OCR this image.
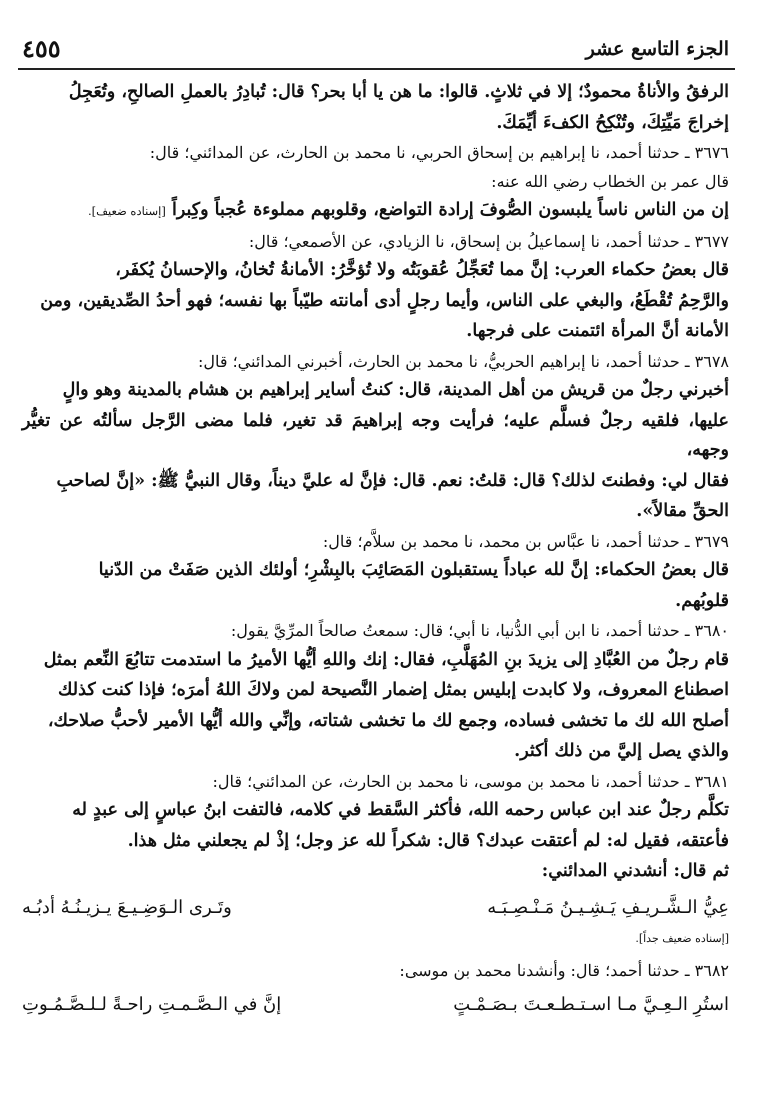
الجزء التاسع عشر
٤٥٥
الرفقُ والأناةُ محمودٌ؛ إلا في ثلاثٍ. قالوا: ما هن يا أبا بحر؟ قال: تُبادِرُ بالعملِ الصالحِ، وتُعَجِلُ
إخراجَ مَيِّتِكَ، وتُنْكِحُ الكفءَ أيِّمَكَ.
٣٦٧٦ ـ حدثنا أحمد، نا إبراهيم بن إسحاق الحربي، نا محمد بن الحارث، عن المدائني؛ قال:
قال عمر بن الخطاب رضي الله عنه:
إن من الناس ناساً يلبسون الصُّوفَ إرادة التواضع، وقلوبهم مملوءة عُجباً وكِبراً [إسناده ضعيف].
٣٦٧٧ ـ حدثنا أحمد، نا إسماعيلُ بن إسحاق، نا الزيادي، عن الأصمعي؛ قال:
قال بعضُ حكماء العرب: إنَّ مما تُعَجِّلُ عُقوبَتُه ولا تُؤخَّرُ: الأمانةُ تُخانُ، والإحسانُ يُكفَر،
والرَّحِمُ تُقْطَعُ، والبغي على الناس، وأيما رجلٍ أدى أمانته طيّباً بها نفسه؛ فهو أحدُ الصِّديقين، ومن
الأمانة أنَّ المرأة ائتمنت على فرجها.
٣٦٧٨ ـ حدثنا أحمد، نا إبراهيم الحربيُّ، نا محمد بن الحارث، أخبرني المدائني؛ قال:
أخبرني رجلٌ من قريش من أهل المدينة، قال: كنتُ أساير إبراهيم بن هشام بالمدينة وهو والٍ
عليها، فلقيه رجلٌ فسلَّم عليه؛ فرأيت وجه إبراهيمَ قد تغير، فلما مضى الرَّجل سألتُه عن تغيُّر وجهه،
فقال لي: وفطنتَ لذلك؟ قال: قلتُ: نعم. قال: فإنَّ له عليَّ ديناً، وقال النبيُّ ﷺ: «إنَّ لصاحبِ
الحقِّ مقالاً».
٣٦٧٩ ـ حدثنا أحمد، نا عبَّاس بن محمد، نا محمد بن سلاَّم؛ قال:
قال بعضُ الحكماء: إنَّ لله عباداً يستقبلون المَصَائِبَ بالبِشْرِ؛ أولئك الذين صَفَتْ من الدّنيا
قلوبُهم.
٣٦٨٠ ـ حدثنا أحمد، نا ابن أبي الدُّنيا، نا أبي؛ قال: سمعتُ صالحاً المرِّيَّ يقول:
قام رجلٌ من العُبَّادِ إلى يزيدَ بنِ المُهَلَّبِ، فقال: إنك واللهِ أيُّها الأميرُ ما استدمت تتابُعَ النِّعم بمثل
اصطناع المعروف، ولا كابدت إبليس بمثل إضمار النَّصيحة لمن ولاكَ اللهُ أمرَه؛ فإذا كنت كذلك
أصلح الله لك ما تخشى فساده، وجمع لك ما تخشى شتاته، وإنِّي والله أيُّها الأمير لأحبُّ صلاحك،
والذي يصل إليَّ من ذلك أكثر.
٣٦٨١ ـ حدثنا أحمد، نا محمد بن موسى، نا محمد بن الحارث، عن المدائني؛ قال:
تكلَّم رجلٌ عند ابن عباس رحمه الله، فأكثر السَّقط في كلامه، فالتفت ابنُ عباسٍ إلى عبدٍ له
فأعتقه، فقيل له: لم أعتقت عبدك؟ قال: شكراً لله عز وجل؛ إذْ لم يجعلني مثل هذا.
ثم قال: أنشدني المدائني:
عِيُّ الـشَّـريـفِ يَـشِـيـنُ مَـنْـصِـبَـه
وتَـرى الـوَضِـيـعَ يـزيـنُـهُ أدبُـه
[إسناده ضعيف جداً].
٣٦٨٢ ـ حدثنا أحمد؛ قال: وأنشدنا محمد بن موسى:
استُرِ الـعِـيَّ مـا اسـتـطـعـتَ بـصَـمْـتٍ
إنَّ في الـصَّـمـتِ راحـةً لـلـصَّـمُـوتِ
